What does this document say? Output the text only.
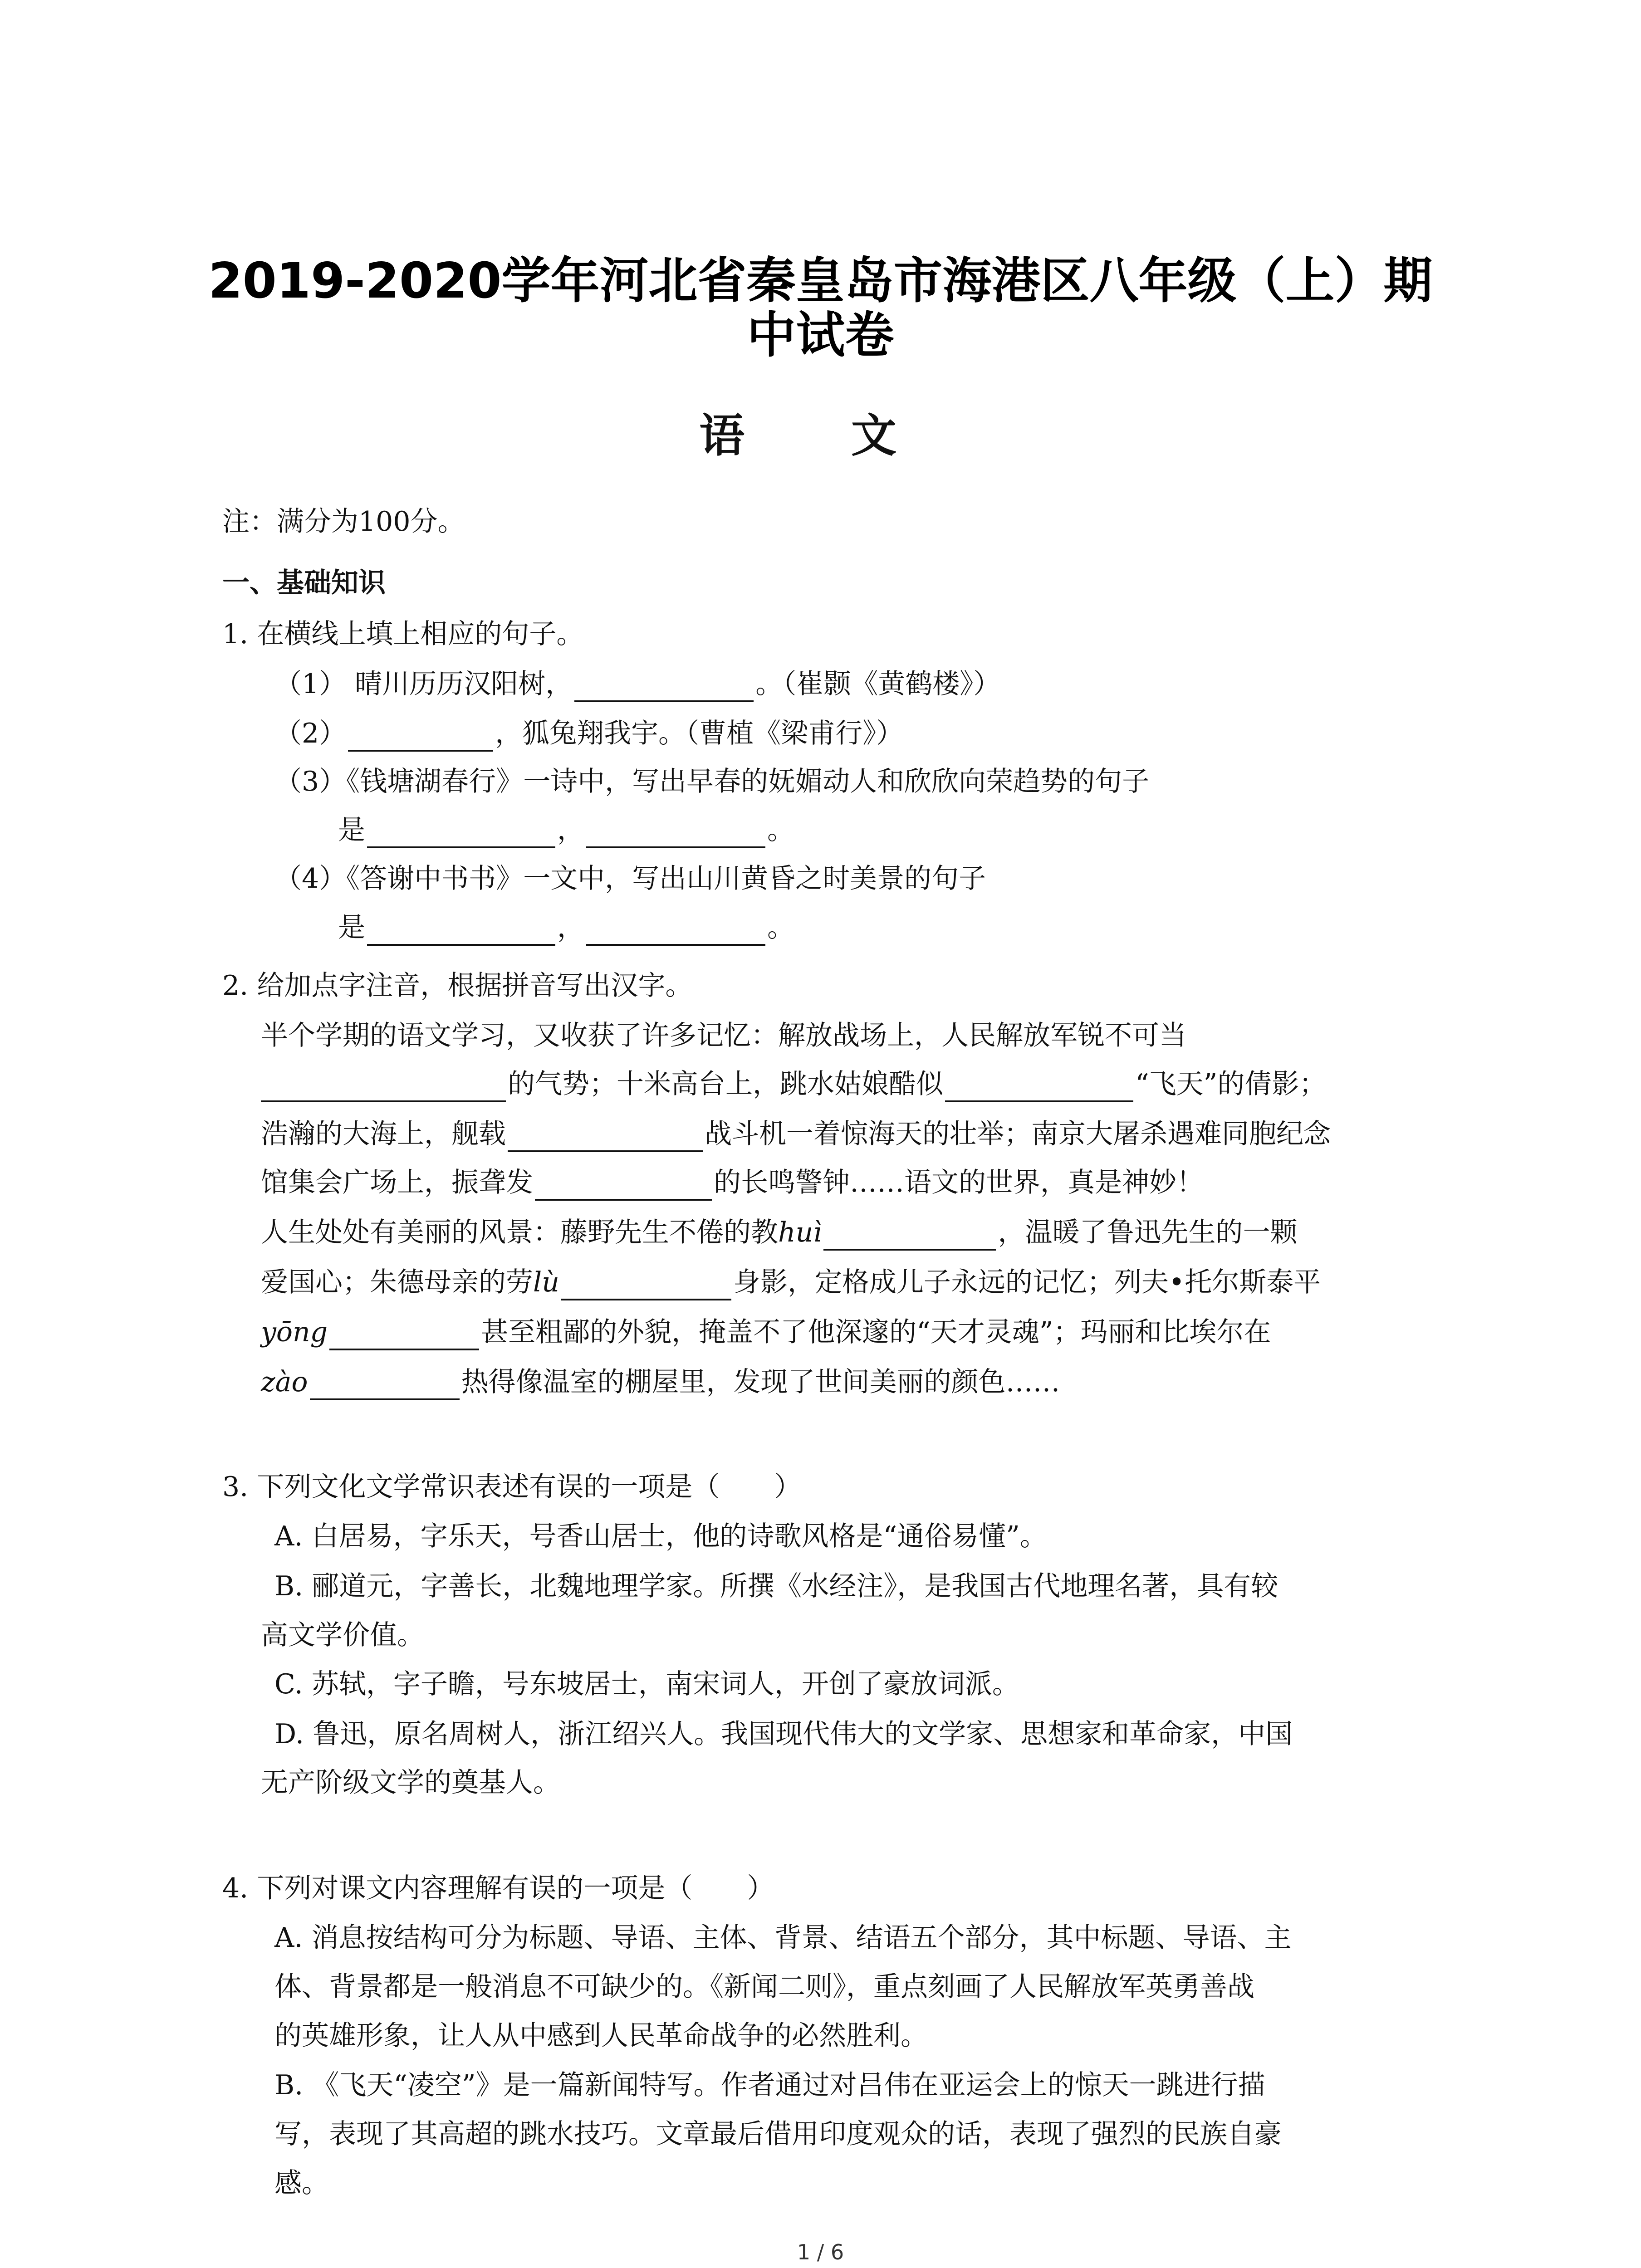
2019-2020学年河北省秦皇岛市海港区八年级（上）期
中试卷
语 文
注：满分为100分。
一、基础知识
1. 在横线上填上相应的句子。
（1） 晴川历历汉阳树，	。（崔颢《黄鹤楼》）
（2）	，狐兔翔我宇。（曹植《梁甫行》）
（3）《钱塘湖春行》一诗中，写出早春的妩媚动人和欣欣向荣趋势的句子
是	，	。
（4）《答谢中书书》一文中，写出山川黄昏之时美景的句子
是	，	。
2. 给加点字注音，根据拼音写出汉字。
半个学期的语文学习，又收获了许多记忆：解放战场上，人民解放军锐不可当
的气势；十米高台上，跳水姑娘酷似	“飞天”的倩影；
浩瀚的大海上，舰载	战斗机一着惊海天的壮举；南京大屠杀遇难同胞纪念
馆集会广场上，振聋发	的长鸣警钟……语文的世界，真是神妙！
人生处处有美丽的风景：藤野先生不倦的教huì	，温暖了鲁迅先生的一颗
爱国心；朱德母亲的劳lù	身影，定格成儿子永远的记忆；列夫•托尔斯泰平
yōng	甚至粗鄙的外貌，掩盖不了他深邃的“天才灵魂”；玛丽和比埃尔在
zào	热得像温室的棚屋里，发现了世间美丽的颜色……
3. 下列文化文学常识表述有误的一项是（　　）
A. 白居易，字乐天，号香山居士，他的诗歌风格是“通俗易懂”。
B. 郦道元，字善长，北魏地理学家。所撰《水经注》，是我国古代地理名著，具有较
高文学价值。
C. 苏轼，字子瞻，号东坡居士，南宋词人，开创了豪放词派。
D. 鲁迅，原名周树人，浙江绍兴人。我国现代伟大的文学家、思想家和革命家，中国
无产阶级文学的奠基人。
4. 下列对课文内容理解有误的一项是（　　）
A. 消息按结构可分为标题、导语、主体、背景、结语五个部分，其中标题、导语、主
体、背景都是一般消息不可缺少的。《新闻二则》，重点刻画了人民解放军英勇善战
的英雄形象，让人从中感到人民革命战争的必然胜利。
B. 《飞天“凌空”》是一篇新闻特写。作者通过对吕伟在亚运会上的惊天一跳进行描
写，表现了其高超的跳水技巧。文章最后借用印度观众的话，表现了强烈的民族自豪
感。
1 / 6
